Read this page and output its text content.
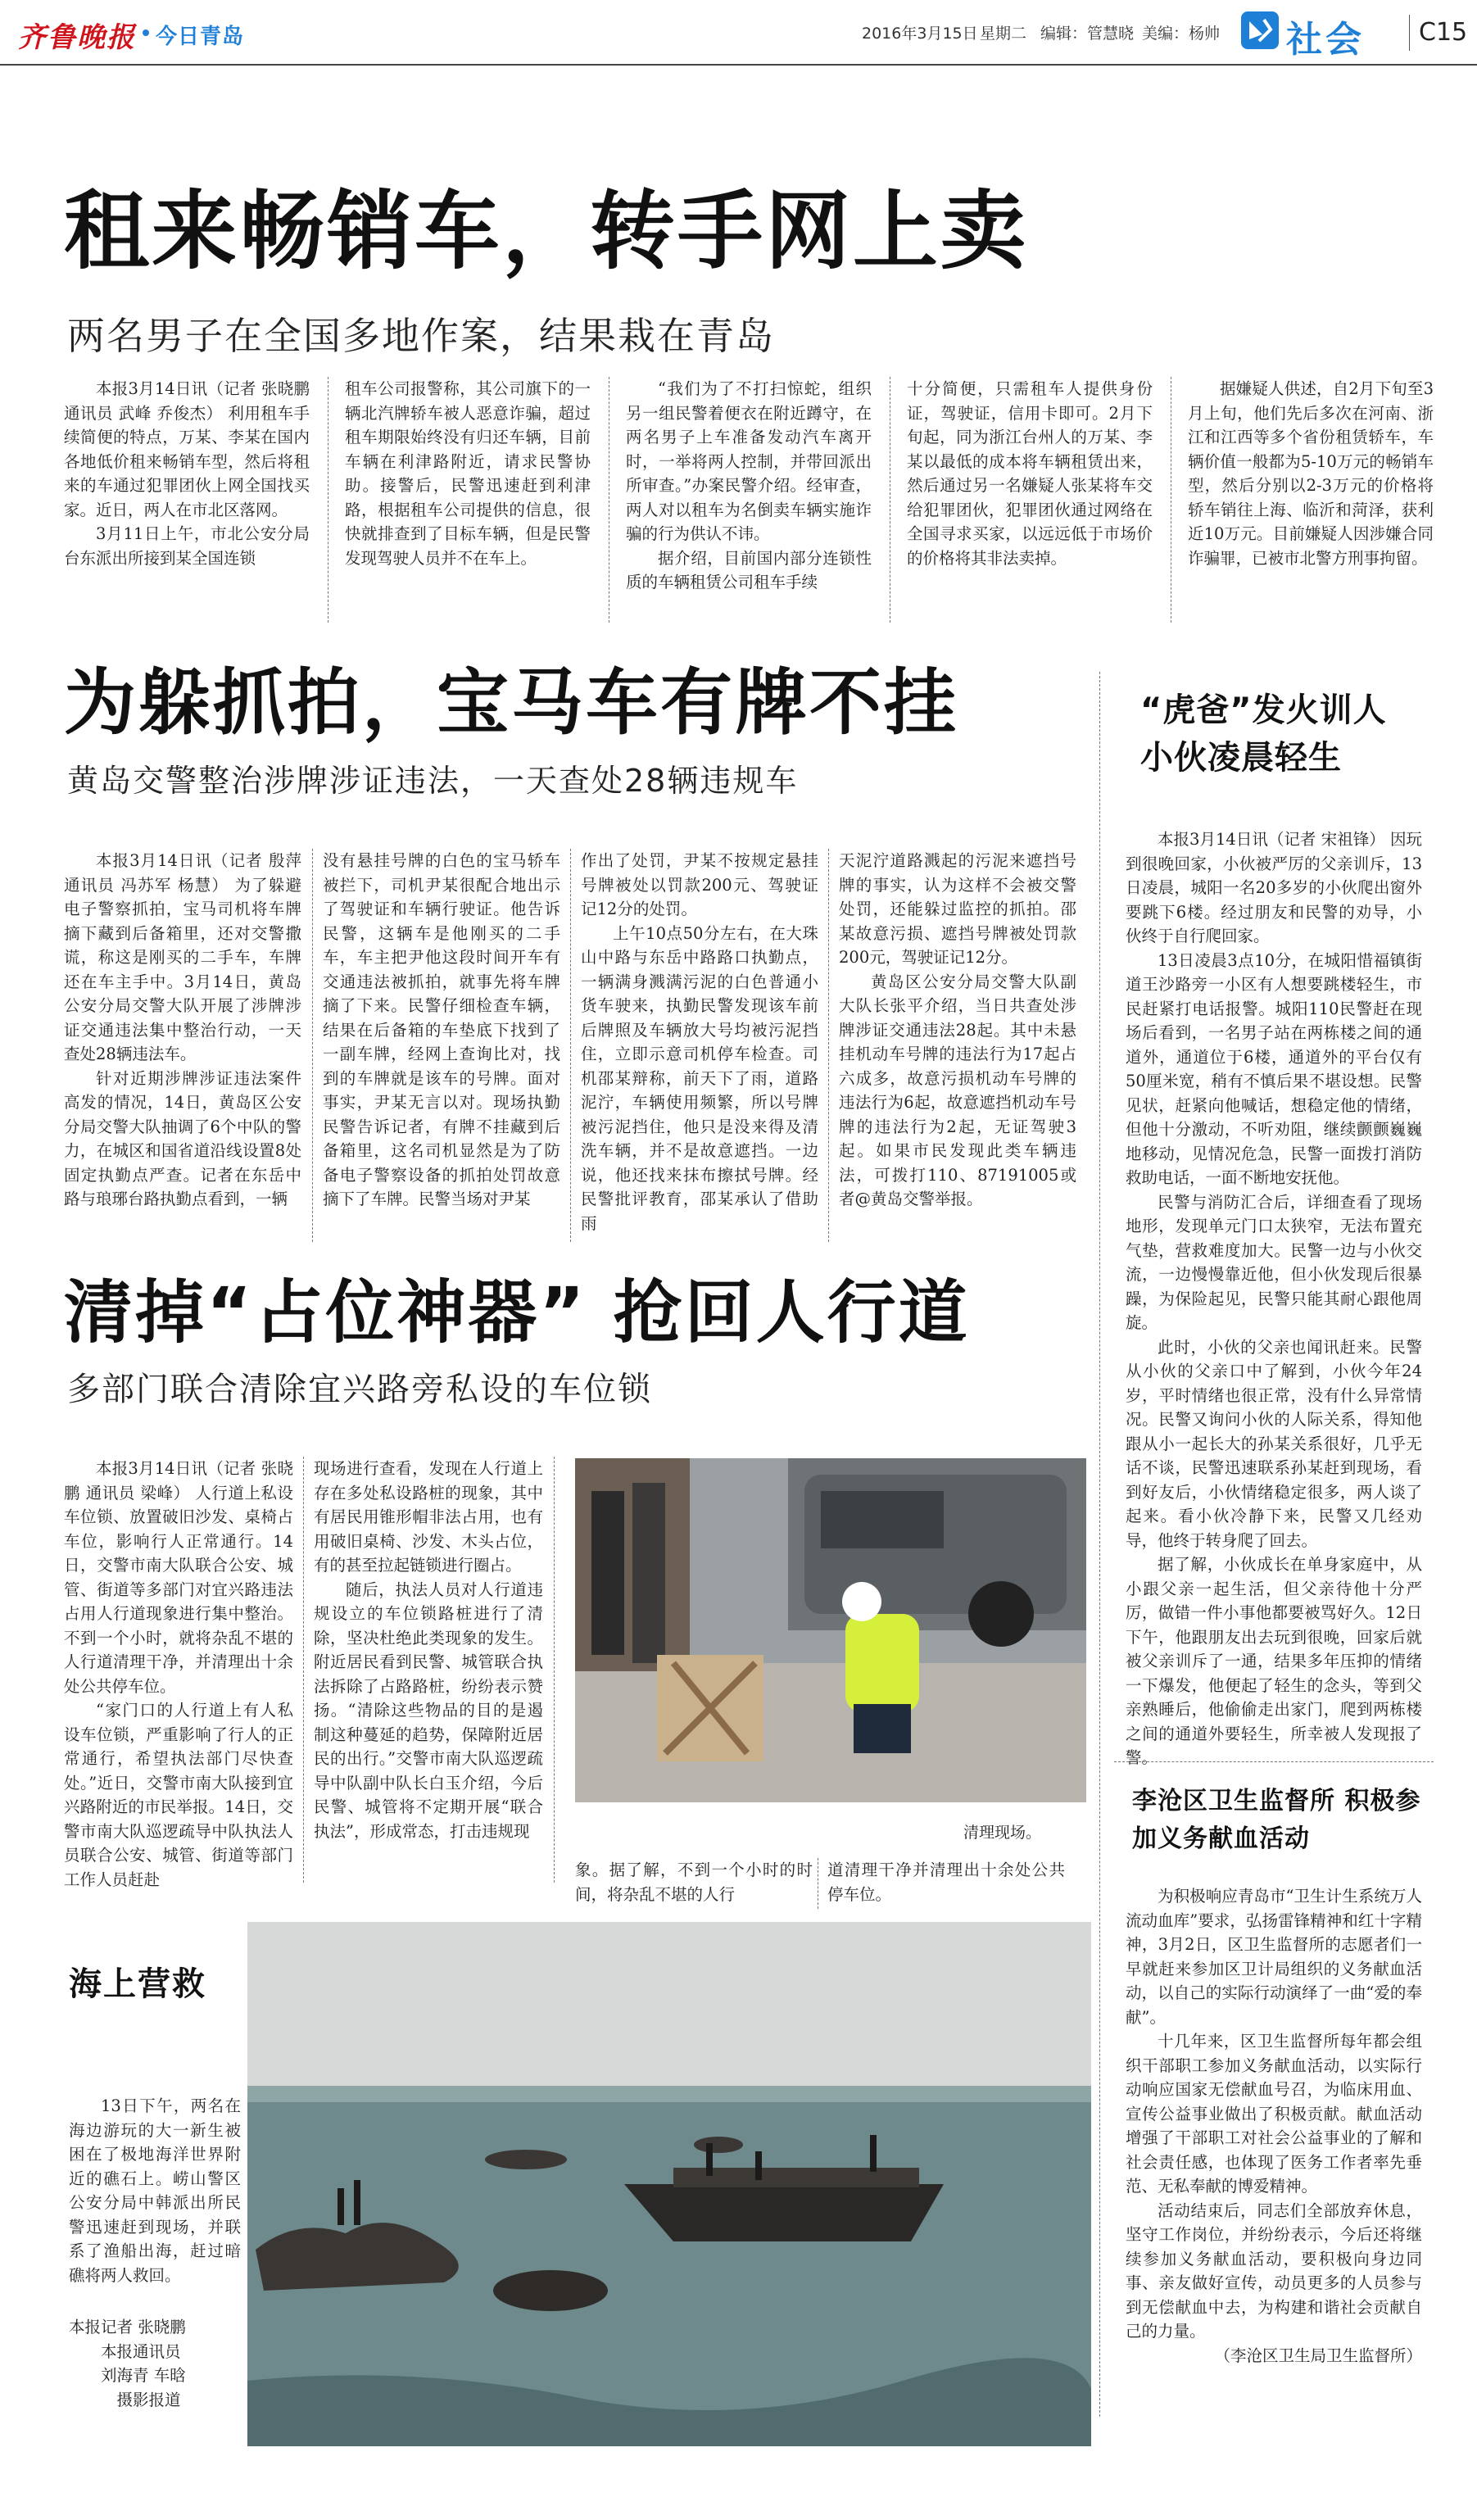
齐鲁晚报 今日青岛	2016年3月15日 星期二 编辑：管慧晓 美编：杨帅 社会 C15
租来畅销车，转手网上卖
两名男子在全国多地作案，结果栽在青岛

本报3月14日讯（记者 张晓鹏 通讯员 武峰 乔俊杰） 利用租车手续简便的特点，万某、李某在国内各地低价租来畅销车型，然后将租来的车通过犯罪团伙上网全国找买家。近日，两人在市北区落网。

3月11日上午，市北公安分局台东派出所接到某全国连锁

租车公司报警称，其公司旗下的一辆北汽牌轿车被人恶意诈骗，超过租车期限始终没有归还车辆，目前车辆在利津路附近，请求民警协助。接警后，民警迅速赶到利津路，根据租车公司提供的信息，很快就排查到了目标车辆，但是民警发现驾驶人员并不在车上。

“我们为了不打扫惊蛇，组织另一组民警着便衣在附近蹲守，在两名男子上车准备发动汽车离开时，一举将两人控制，并带回派出所审查。”办案民警介绍。经审查，两人对以租车为名倒卖车辆实施诈骗的行为供认不讳。

据介绍，目前国内部分连锁性质的车辆租赁公司租车手续

十分简便，只需租车人提供身份证，驾驶证，信用卡即可。2月下旬起，同为浙江台州人的万某、李某以最低的成本将车辆租赁出来，然后通过另一名嫌疑人张某将车交给犯罪团伙，犯罪团伙通过网络在全国寻求买家，以远远低于市场价的价格将其非法卖掉。

据嫌疑人供述，自2月下旬至3月上旬，他们先后多次在河南、浙江和江西等多个省份租赁轿车，车辆价值一般都为5-10万元的畅销车型，然后分别以2-3万元的价格将轿车销往上海、临沂和菏泽，获利近10万元。目前嫌疑人因涉嫌合同诈骗罪，已被市北警方刑事拘留。

为躲抓拍，宝马车有牌不挂
黄岛交警整治涉牌涉证违法，一天查处28辆违规车

本报3月14日讯（记者 殷萍 通讯员 冯苏军 杨慧） 为了躲避电子警察抓拍，宝马司机将车牌摘下藏到后备箱里，还对交警撒谎，称这是刚买的二手车，车牌还在车主手中。3月14日，黄岛公安分局交警大队开展了涉牌涉证交通违法集中整治行动，一天查处28辆违法车。

针对近期涉牌涉证违法案件高发的情况，14日，黄岛区公安分局交警大队抽调了6个中队的警力，在城区和国省道沿线设置8处固定执勤点严查。记者在东岳中路与琅琊台路执勤点看到，一辆

没有悬挂号牌的白色的宝马轿车被拦下，司机尹某很配合地出示了驾驶证和车辆行驶证。他告诉民警，这辆车是他刚买的二手车，车主把尹他这段时间开车有交通违法被抓拍，就事先将车牌摘了下来。民警仔细检查车辆，结果在后备箱的车垫底下找到了一副车牌，经网上查询比对，找到的车牌就是该车的号牌。面对事实，尹某无言以对。现场执勤民警告诉记者，有牌不挂藏到后备箱里，这名司机显然是为了防备电子警察设备的抓拍处罚故意摘下了车牌。民警当场对尹某

作出了处罚，尹某不按规定悬挂号牌被处以罚款200元、驾驶证记12分的处罚。

上午10点50分左右，在大珠山中路与东岳中路路口执勤点，一辆满身溅满污泥的白色普通小货车驶来，执勤民警发现该车前后牌照及车辆放大号均被污泥挡住，立即示意司机停车检查。司机邵某辩称，前天下了雨，道路泥泞，车辆使用频繁，所以号牌被污泥挡住，他只是没来得及清洗车辆，并不是故意遮挡。一边说，他还找来抹布擦拭号牌。经民警批评教育，邵某承认了借助雨

天泥泞道路溅起的污泥来遮挡号牌的事实，认为这样不会被交警处罚，还能躲过监控的抓拍。邵某故意污损、遮挡号牌被处罚款200元，驾驶证记12分。

黄岛区公安分局交警大队副大队长张平介绍，当日共查处涉牌涉证交通违法28起。其中未悬挂机动车号牌的违法行为17起占六成多，故意污损机动车号牌的违法行为6起，故意遮挡机动车号牌的违法行为2起，无证驾驶3起。如果市民发现此类车辆违法，可拨打110、87191005或者@黄岛交警举报。

清掉“占位神器” 抢回人行道
多部门联合清除宜兴路旁私设的车位锁

本报3月14日讯（记者 张晓鹏 通讯员 梁峰） 人行道上私设车位锁、放置破旧沙发、桌椅占车位，影响行人正常通行。14日，交警市南大队联合公安、城管、街道等多部门对宜兴路违法占用人行道现象进行集中整治。不到一个小时，就将杂乱不堪的人行道清理干净，并清理出十余处公共停车位。

“家门口的人行道上有人私设车位锁，严重影响了行人的正常通行，希望执法部门尽快查处。”近日，交警市南大队接到宜兴路附近的市民举报。14日，交警市南大队巡逻疏导中队执法人员联合公安、城管、街道等部门工作人员赶赴

现场进行查看，发现在人行道上存在多处私设路桩的现象，其中有居民用锥形帽非法占用，也有用破旧桌椅、沙发、木头占位，有的甚至拉起链锁进行圈占。

随后，执法人员对人行道违规设立的车位锁路桩进行了清除，坚决杜绝此类现象的发生。附近居民看到民警、城管联合执法拆除了占路路桩，纷纷表示赞扬。“清除这些物品的目的是遏制这种蔓延的趋势，保障附近居民的出行。”交警市南大队巡逻疏导中队副中队长白玉介绍，今后民警、城管将不定期开展“联合执法”，形成常态，打击违规现	清理现场。

象。据了解，不到一个小时的时间，将杂乱不堪的人行

道清理干净并清理出十余处公共停车位。

“虎爸”发火训人 小伙凌晨轻生

本报3月14日讯（记者 宋祖锋） 因玩到很晚回家，小伙被严厉的父亲训斥，13日凌晨，城阳一名20多岁的小伙爬出窗外要跳下6楼。经过朋友和民警的劝导，小伙终于自行爬回家。

13日凌晨3点10分，在城阳惜福镇街道王沙路旁一小区有人想要跳楼轻生，市民赶紧打电话报警。城阳110民警赶在现场后看到，一名男子站在两栋楼之间的通道外，通道位于6楼，通道外的平台仅有50厘米宽，稍有不慎后果不堪设想。民警见状，赶紧向他喊话，想稳定他的情绪，但他十分激动，不听劝阻，继续颤颤巍巍地移动，见情况危急，民警一面拨打消防救助电话，一面不断地安抚他。

民警与消防汇合后，详细查看了现场地形，发现单元门口太狭窄，无法布置充气垫，营救难度加大。民警一边与小伙交流，一边慢慢靠近他，但小伙发现后很暴躁，为保险起见，民警只能其耐心跟他周旋。

此时，小伙的父亲也闻讯赶来。民警从小伙的父亲口中了解到，小伙今年24岁，平时情绪也很正常，没有什么异常情况。民警又询问小伙的人际关系，得知他跟从小一起长大的孙某关系很好，几乎无话不谈，民警迅速联系孙某赶到现场，看到好友后，小伙情绪稳定很多，两人谈了起来。看小伙冷静下来，民警又几经劝导，他终于转身爬了回去。

据了解，小伙成长在单身家庭中，从小跟父亲一起生活，但父亲待他十分严厉，做错一件小事他都要被骂好久。12日下午，他跟朋友出去玩到很晚，回家后就被父亲训斥了一通，结果多年压抑的情绪一下爆发，他便起了轻生的念头，等到父亲熟睡后，他偷偷走出家门，爬到两栋楼之间的通道外要轻生，所幸被人发现报了警。

李沧区卫生监督所 积极参加义务献血活动

为积极响应青岛市“卫生计生系统万人流动血库”要求，弘扬雷锋精神和红十字精神，3月2日，区卫生监督所的志愿者们一早就赶来参加区卫计局组织的义务献血活动，以自己的实际行动演绎了一曲“爱的奉献”。

十几年来，区卫生监督所每年都会组织干部职工参加义务献血活动，以实际行动响应国家无偿献血号召，为临床用血、宣传公益事业做出了积极贡献。献血活动增强了干部职工对社会公益事业的了解和社会责任感，也体现了医务工作者率先垂范、无私奉献的博爱精神。

活动结束后，同志们全部放弃休息，坚守工作岗位，并纷纷表示，今后还将继续参加义务献血活动，要积极向身边同事、亲友做好宣传，动员更多的人员参与到无偿献血中去，为构建和谐社会贡献自己的力量。

（李沧区卫生局卫生监督所）

海上营救

13日下午，两名在海边游玩的大一新生被困在了极地海洋世界附近的礁石上。崂山警区公安分局中韩派出所民警迅速赶到现场，并联系了渔船出海，赶过暗礁将两人救回。

本报记者 张晓鹏

本报通讯员

刘海青 车晗

摄影报道
